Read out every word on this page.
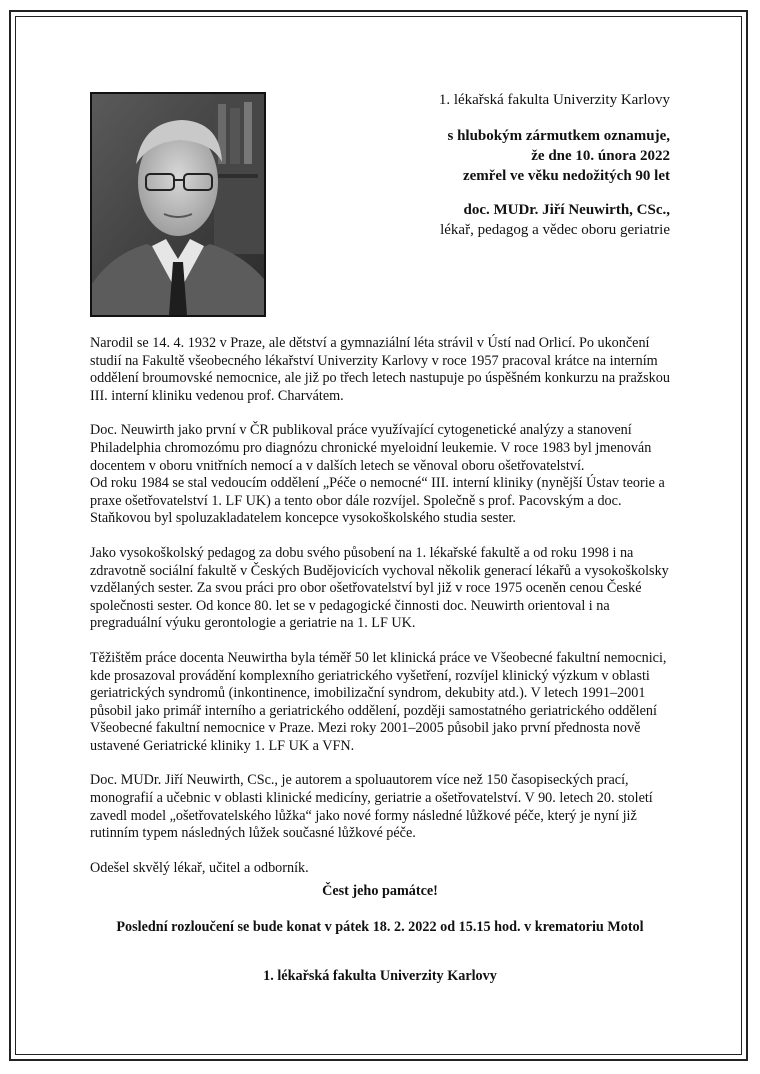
1. lékařská fakulta Univerzity Karlovy
s hlubokým zármutkem oznamuje,
že dne 10. února 2022
zemřel ve věku nedožitých 90 let
doc. MUDr. Jiří Neuwirth, CSc.,
lékař, pedagog a vědec oboru geriatrie

Narodil se 14. 4. 1932 v Praze, ale dětství a gymnaziální léta strávil v Ústí nad Orlicí. Po ukončení studií na Fakultě všeobecného lékařství Univerzity Karlovy v roce 1957 pracoval krátce na interním oddělení broumovské nemocnice, ale již po třech letech nastupuje po úspěšném konkurzu na pražskou III. interní kliniku vedenou prof. Charvátem.

Doc. Neuwirth jako první v ČR publikoval práce využívající cytogenetické analýzy a stanovení Philadelphia chromozómu pro diagnózu chronické myeloidní leukemie. V roce 1983 byl jmenován docentem v oboru vnitřních nemocí a v dalších letech se věnoval oboru ošetřovatelství.
Od roku 1984 se stal vedoucím oddělení „Péče o nemocné“ III. interní kliniky (nynější Ústav teorie a praxe ošetřovatelství 1. LF UK) a tento obor dále rozvíjel. Společně s prof. Pacovským a doc. Staňkovou byl spoluzakladatelem koncepce vysokoškolského studia sester.

Jako vysokoškolský pedagog za dobu svého působení na 1. lékařské fakultě a od roku 1998 i na zdravotně sociální fakultě v Českých Budějovicích vychoval několik generací lékařů a vysokoškolsky vzdělaných sester. Za svou práci pro obor ošetřovatelství byl již v roce 1975 oceněn cenou České společnosti sester. Od konce 80. let se v pedagogické činnosti doc. Neuwirth orientoval i na pregraduální výuku gerontologie a geriatrie na 1. LF UK.

Těžištěm práce docenta Neuwirtha byla téměř 50 let klinická práce ve Všeobecné fakultní nemocnici, kde prosazoval provádění komplexního geriatrického vyšetření, rozvíjel klinický výzkum v oblasti geriatrických syndromů (inkontinence, imobilizační syndrom, dekubity atd.). V letech 1991–2001 působil jako primář interního a geriatrického oddělení, později samostatného geriatrického oddělení Všeobecné fakultní nemocnice v Praze. Mezi roky 2001–2005 působil jako první přednosta nově ustavené Geriatrické kliniky 1. LF UK a VFN.

Doc. MUDr. Jiří Neuwirth, CSc., je autorem a spoluautorem více než 150 časopiseckých prací, monografií a učebnic v oblasti klinické medicíny, geriatrie a ošetřovatelství. V 90. letech 20. století zavedl model „ošetřovatelského lůžka“ jako nové formy následné lůžkové péče, který je nyní již rutinním typem následných lůžek současné lůžkové péče.

Odešel skvělý lékař, učitel a odborník.

Čest jeho památce!
Poslední rozloučení se bude konat v pátek 18. 2. 2022 od 15.15 hod. v krematoriu Motol
1. lékařská fakulta Univerzity Karlovy
